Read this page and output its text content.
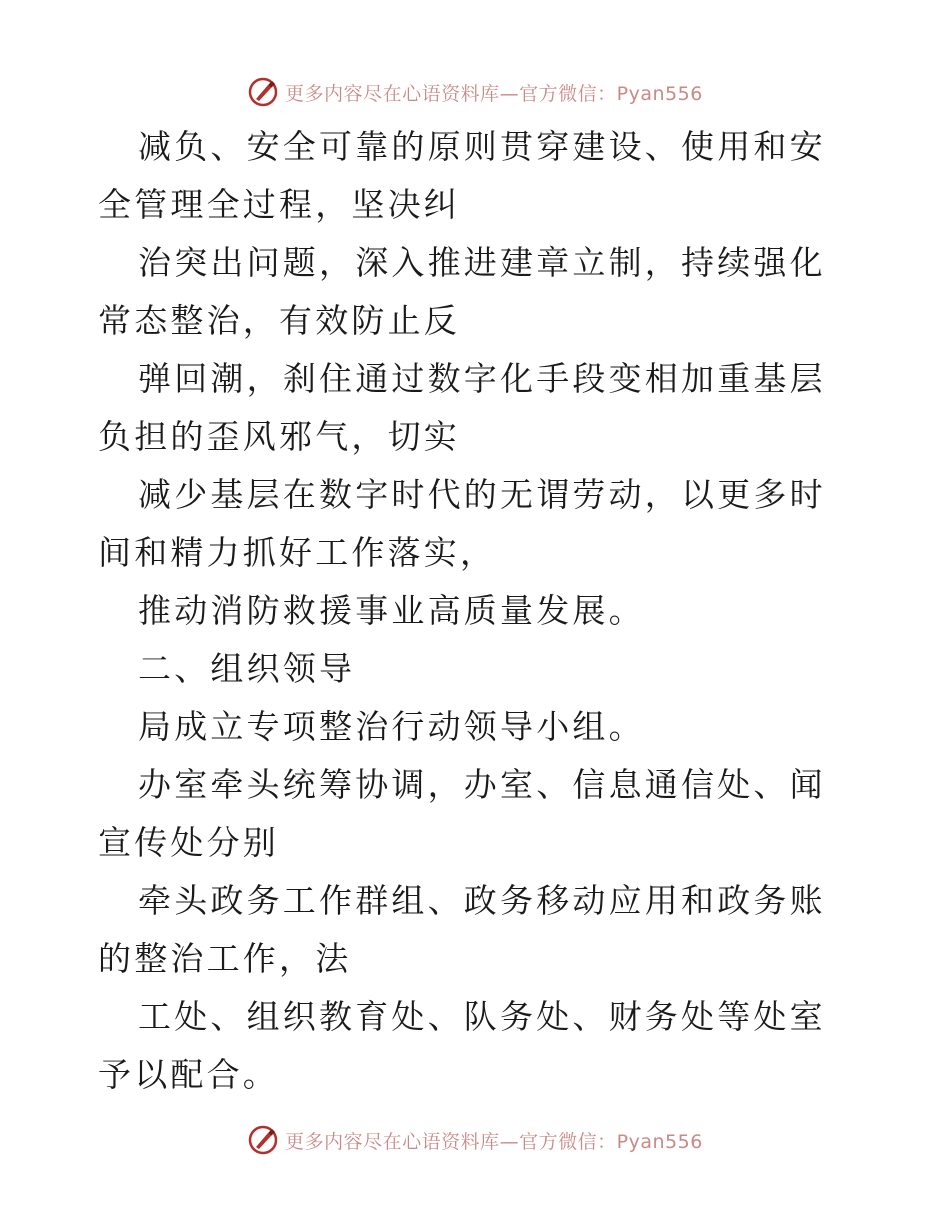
更多内容尽在心语资料库—官方微信：Pyan556

减负、安全可靠的原则贯穿建设、使用和安全管理全过程，坚决纠

治突出问题，深入推进建章立制，持续强化常态整治，有效防止反

弹回潮，刹住通过数字化手段变相加重基层负担的歪风邪气，切实

减少基层在数字时代的无谓劳动，以更多时间和精力抓好工作落实，

推动消防救援事业高质量发展。

二、组织领导

局成立专项整治行动领导小组。

办室牵头统筹协调，办室、信息通信处、闻宣传处分别

牵头政务工作群组、政务移动应用和政务账的整治工作，法

工处、组织教育处、队务处、财务处等处室予以配合。

更多内容尽在心语资料库—官方微信：Pyan556
